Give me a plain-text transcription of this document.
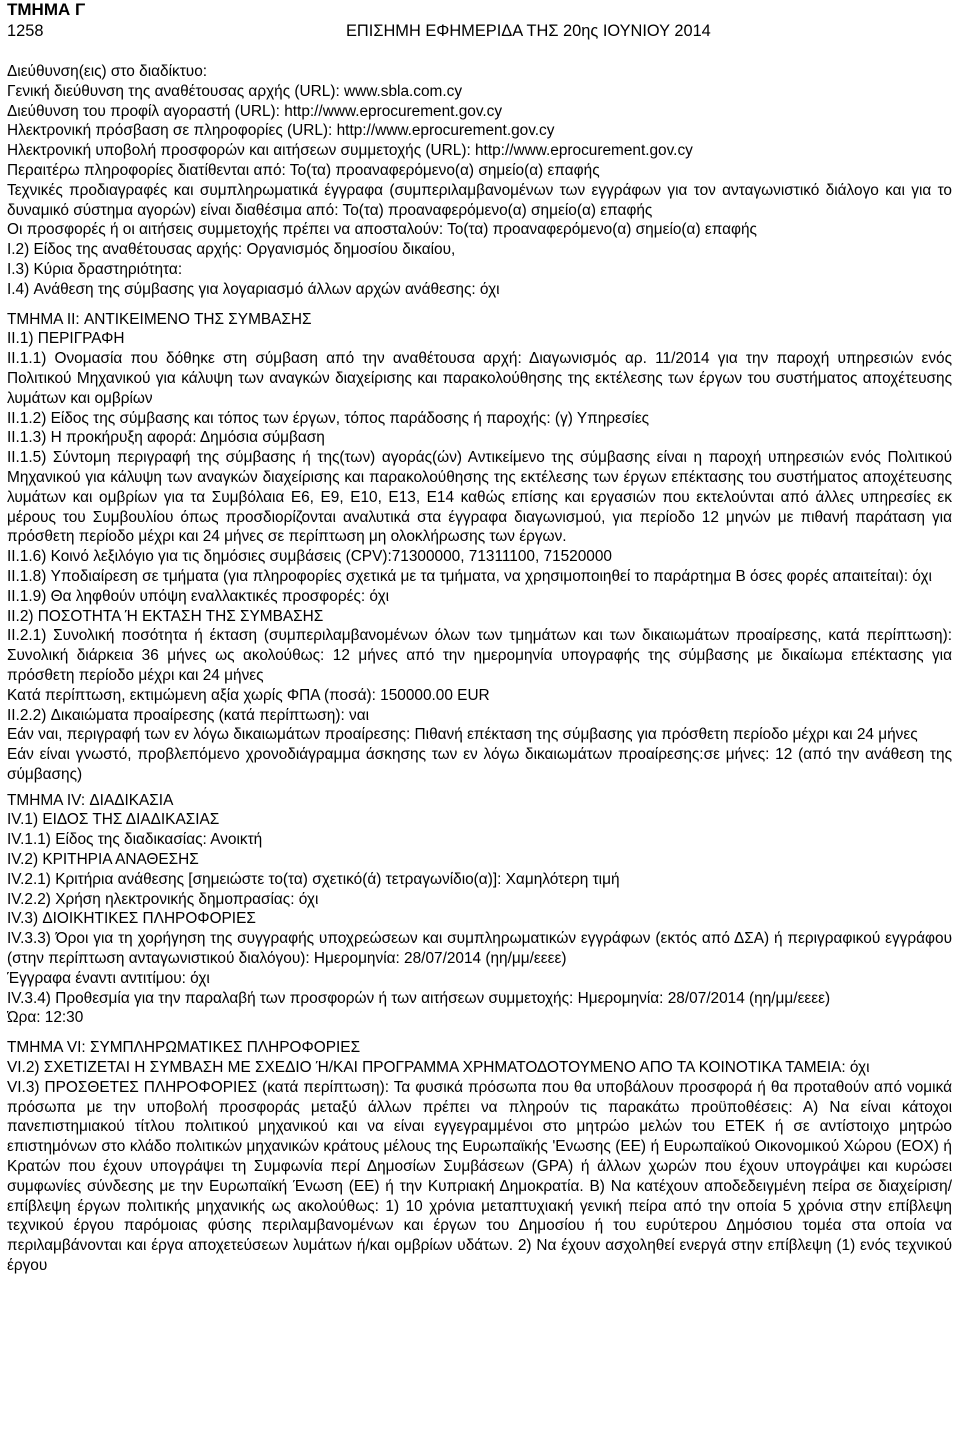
ΤΜΗΜΑ Γ
1258	ΕΠΙΣΗΜΗ ΕΦΗΜΕΡΙΔΑ ΤΗΣ 20ης ΙΟΥΝΙΟΥ 2014
Διεύθυνση(εις) στο διαδίκτυο:
Γενική διεύθυνση της αναθέτουσας αρχής (URL): www.sbla.com.cy
Διεύθυνση του προφίλ αγοραστή (URL): http://www.eprocurement.gov.cy
Ηλεκτρονική πρόσβαση σε πληροφορίες (URL): http://www.eprocurement.gov.cy
Ηλεκτρονική υποβολή προσφορών και αιτήσεων συμμετοχής (URL): http://www.eprocurement.gov.cy
Περαιτέρω πληροφορίες διατίθενται από: Το(τα) προαναφερόμενο(α) σημείο(α) επαφής
Τεχνικές προδιαγραφές και συμπληρωματικά έγγραφα (συμπεριλαμβανομένων των εγγράφων για τον ανταγωνιστικό διάλογο και για το δυναμικό σύστημα αγορών) είναι διαθέσιμα από: Το(τα) προαναφερόμενο(α) σημείο(α) επαφής
Οι προσφορές ή οι αιτήσεις συμμετοχής πρέπει να αποσταλούν: Το(τα) προαναφερόμενο(α) σημείο(α) επαφής
I.2) Είδος της αναθέτουσας αρχής: Οργανισμός δημοσίου δικαίου,
I.3) Κύρια δραστηριότητα:
I.4) Ανάθεση της σύμβασης για λογαριασμό άλλων αρχών ανάθεσης: όχι
ΤΜΗΜΑ II: ΑΝΤΙΚΕΙΜΕΝΟ ΤΗΣ ΣΥΜΒΑΣΗΣ
II.1) ΠΕΡΙΓΡΑΦΗ
II.1.1) Ονομασία που δόθηκε στη σύμβαση από την αναθέτουσα αρχή: Διαγωνισμός αρ. 11/2014 για την παροχή υπηρεσιών ενός Πολιτικού Μηχανικού για κάλυψη των αναγκών διαχείρισης και παρακολούθησης της εκτέλεσης των έργων του συστήματος αποχέτευσης λυμάτων και ομβρίων
II.1.2) Είδος της σύμβασης και τόπος των έργων, τόπος παράδοσης ή παροχής: (γ) Υπηρεσίες
II.1.3) Η προκήρυξη αφορά: Δημόσια σύμβαση
II.1.5) Σύντομη περιγραφή της σύμβασης ή της(των) αγοράς(ών) Αντικείμενο της σύμβασης είναι η παροχή υπηρεσιών ενός Πολιτικού Μηχανικού για κάλυψη των αναγκών διαχείρισης και παρακολούθησης της εκτέλεσης των έργων επέκτασης του συστήματος αποχέτευσης λυμάτων και ομβρίων για τα Συμβόλαια Ε6, Ε9, Ε10, Ε13, Ε14 καθώς επίσης και εργασιών που εκτελούνται από άλλες υπηρεσίες εκ μέρους του Συμβουλίου όπως προσδιορίζονται αναλυτικά στα έγγραφα διαγωνισμού, για περίοδο 12 μηνών με πιθανή παράταση για πρόσθετη περίοδο μέχρι και 24 μήνες σε περίπτωση μη ολοκλήρωσης των έργων.
II.1.6) Κοινό λεξιλόγιο για τις δημόσιες συμβάσεις (CPV):71300000, 71311100, 71520000
II.1.8) Υποδιαίρεση σε τμήματα (για πληροφορίες σχετικά με τα τμήματα, να χρησιμοποιηθεί το παράρτημα Β όσες φορές απαιτείται): όχι
II.1.9) Θα ληφθούν υπόψη εναλλακτικές προσφορές: όχι
II.2) ΠΟΣΟΤΗΤΑ Ή ΕΚΤΑΣΗ ΤΗΣ ΣΥΜΒΑΣΗΣ
II.2.1) Συνολική ποσότητα ή έκταση (συμπεριλαμβανομένων όλων των τμημάτων και των δικαιωμάτων προαίρεσης, κατά περίπτωση): Συνολική διάρκεια 36 μήνες ως ακολούθως: 12 μήνες από την ημερομηνία υπογραφής της σύμβασης με δικαίωμα επέκτασης για πρόσθετη περίοδο μέχρι και 24 μήνες
Κατά περίπτωση, εκτιμώμενη αξία χωρίς ΦΠΑ (ποσά): 150000.00 EUR
II.2.2) Δικαιώματα προαίρεσης (κατά περίπτωση): ναι
Εάν ναι, περιγραφή των εν λόγω δικαιωμάτων προαίρεσης: Πιθανή επέκταση της σύμβασης για πρόσθετη περίοδο μέχρι και 24 μήνες
Εάν είναι γνωστό, προβλεπόμενο χρονοδιάγραμμα άσκησης των εν λόγω δικαιωμάτων προαίρεσης:σε μήνες: 12 (από την ανάθεση της σύμβασης)
ΤΜΗΜΑ IV: ΔΙΑΔΙΚΑΣΙΑ
IV.1) ΕΙΔΟΣ ΤΗΣ ΔΙΑΔΙΚΑΣΙΑΣ
IV.1.1) Είδος της διαδικασίας: Ανοικτή
IV.2) ΚΡΙΤΗΡΙΑ ΑΝΑΘΕΣΗΣ
IV.2.1) Κριτήρια ανάθεσης [σημειώστε το(τα) σχετικό(ά) τετραγωνίδιο(α)]: Χαμηλότερη τιμή
IV.2.2) Χρήση ηλεκτρονικής δημοπρασίας: όχι
IV.3) ΔΙΟΙΚΗΤΙΚΕΣ ΠΛΗΡΟΦΟΡΙΕΣ
IV.3.3) Όροι για τη χορήγηση της συγγραφής υποχρεώσεων και συμπληρωματικών εγγράφων (εκτός από ΔΣΑ) ή περιγραφικού εγγράφου (στην περίπτωση ανταγωνιστικού διαλόγου): Ημερομηνία: 28/07/2014 (ηη/μμ/εεεε)
Έγγραφα έναντι αντιτίμου: όχι
IV.3.4) Προθεσμία για την παραλαβή των προσφορών ή των αιτήσεων συμμετοχής: Ημερομηνία: 28/07/2014 (ηη/μμ/εεεε)
Ώρα: 12:30
ΤΜΗΜΑ VI: ΣΥΜΠΛΗΡΩΜΑΤΙΚΕΣ ΠΛΗΡΟΦΟΡΙΕΣ
VI.2) ΣΧΕΤΙΖΕΤΑΙ Η ΣΥΜΒΑΣΗ ΜΕ ΣΧΕΔΙΟ Ή/ΚΑΙ ΠΡΟΓΡΑΜΜΑ ΧΡΗΜΑΤΟΔΟΤΟΥΜΕΝΟ ΑΠΟ ΤΑ ΚΟΙΝΟΤΙΚΑ ΤΑΜΕΙΑ: όχι
VI.3) ΠΡΟΣΘΕΤΕΣ ΠΛΗΡΟΦΟΡΙΕΣ (κατά περίπτωση): Τα φυσικά πρόσωπα που θα υποβάλουν προσφορά ή θα προταθούν από νομικά πρόσωπα με την υποβολή προσφοράς μεταξύ άλλων πρέπει να πληρούν τις παρακάτω προϋποθέσεις: Α) Να είναι κάτοχοι πανεπιστημιακού τίτλου πολιτικού μηχανικού και να είναι εγγεγραμμένοι στο μητρώο μελών του ΕΤΕΚ ή σε αντίστοιχο μητρώο επιστημόνων στο κλάδο πολιτικών μηχανικών κράτους μέλους της Ευρωπαϊκής 'Ενωσης (ΕΕ) ή Ευρωπαϊκού Οικονομικού Χώρου (ΕΟΧ) ή Κρατών που έχουν υπογράψει τη Συμφωνία περί Δημοσίων Συμβάσεων (GPA) ή άλλων χωρών που έχουν υπογράψει και κυρώσει συμφωνίες σύνδεσης με την Ευρωπαϊκή Ένωση (ΕΕ) ή την Κυπριακή Δημοκρατία. Β) Να κατέχουν αποδεδειγμένη πείρα σε διαχείριση/επίβλεψη έργων πολιτικής μηχανικής ως ακολούθως: 1) 10 χρόνια μεταπτυχιακή γενική πείρα από την οποία 5 χρόνια στην επίβλεψη τεχνικού έργου παρόμοιας φύσης περιλαμβανομένων και έργων του Δημοσίου ή του ευρύτερου Δημόσιου τομέα στα οποία να περιλαμβάνονται και έργα αποχετεύσεων λυμάτων ή/και ομβρίων υδάτων. 2) Να έχουν ασχοληθεί ενεργά στην επίβλεψη (1) ενός τεχνικού έργου
